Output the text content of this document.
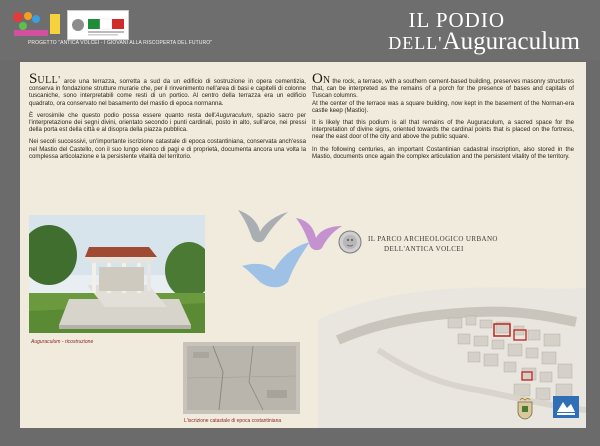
PROGETTO "ANTICA VOLCEI - I GIOVANI ALLA RISCOPERTA DEL FUTURO"
IL PODIO
DELL'Auguraculum

SULL' arce una terrazza, sorretta a sud da un edificio di sostruzione in opera cementizia, conserva in fondazione strutture murarie che, per il rinvenimento nell'area di basi e capitelli di colonne tuscaniche, sono interpretabili come resti di un portico. Al centro della terrazza era un edificio quadrato, ora conservato nel basamento del mastio di epoca normanna.

È verosimile che questo podio possa essere quanto resta dell'Auguraculum, spazio sacro per l'interpretazione dei segni divini, orientato secondo i punti cardinali, posto in alto, sull'arce, nei pressi della porta est della città e al disopra della piazza pubblica.

Nei secoli successivi, un'importante iscrizione catastale di epoca costantiniana, conservata anch'essa nel Mastio del Castello, con il suo lungo elenco di pagi e di proprietà, documenta ancora una volta la complessa articolazione e la persistente vitalità del territorio.

ON the rock, a terrace, with a southern cement-based building, preserves masonry structures that, can be interpreted as the remains of a porch for the presence of bases and capitals of Tuscan columns.

At the center of the terrace was a square building, now kept in the basement of the Norman-era castle keep (Mastio).

It is likely that this podium is all that remains of the Auguraculum, a sacred space for the interpretation of divine signs, oriented towards the cardinal points that is placed on the fortress, near the east door of the city and above the public square.

In the following centuries, an important Costantinian cadastral inscription, also stored in the Mastio, documents once again the complex articulation and the persistent vitality of the territory.

Auguraculum - ricostruzione
L'iscrizione catastale di epoca costantiniana
IL PARCO ARCHEOLOGICO URBANO
DELL'ANTICA VOLCEI
